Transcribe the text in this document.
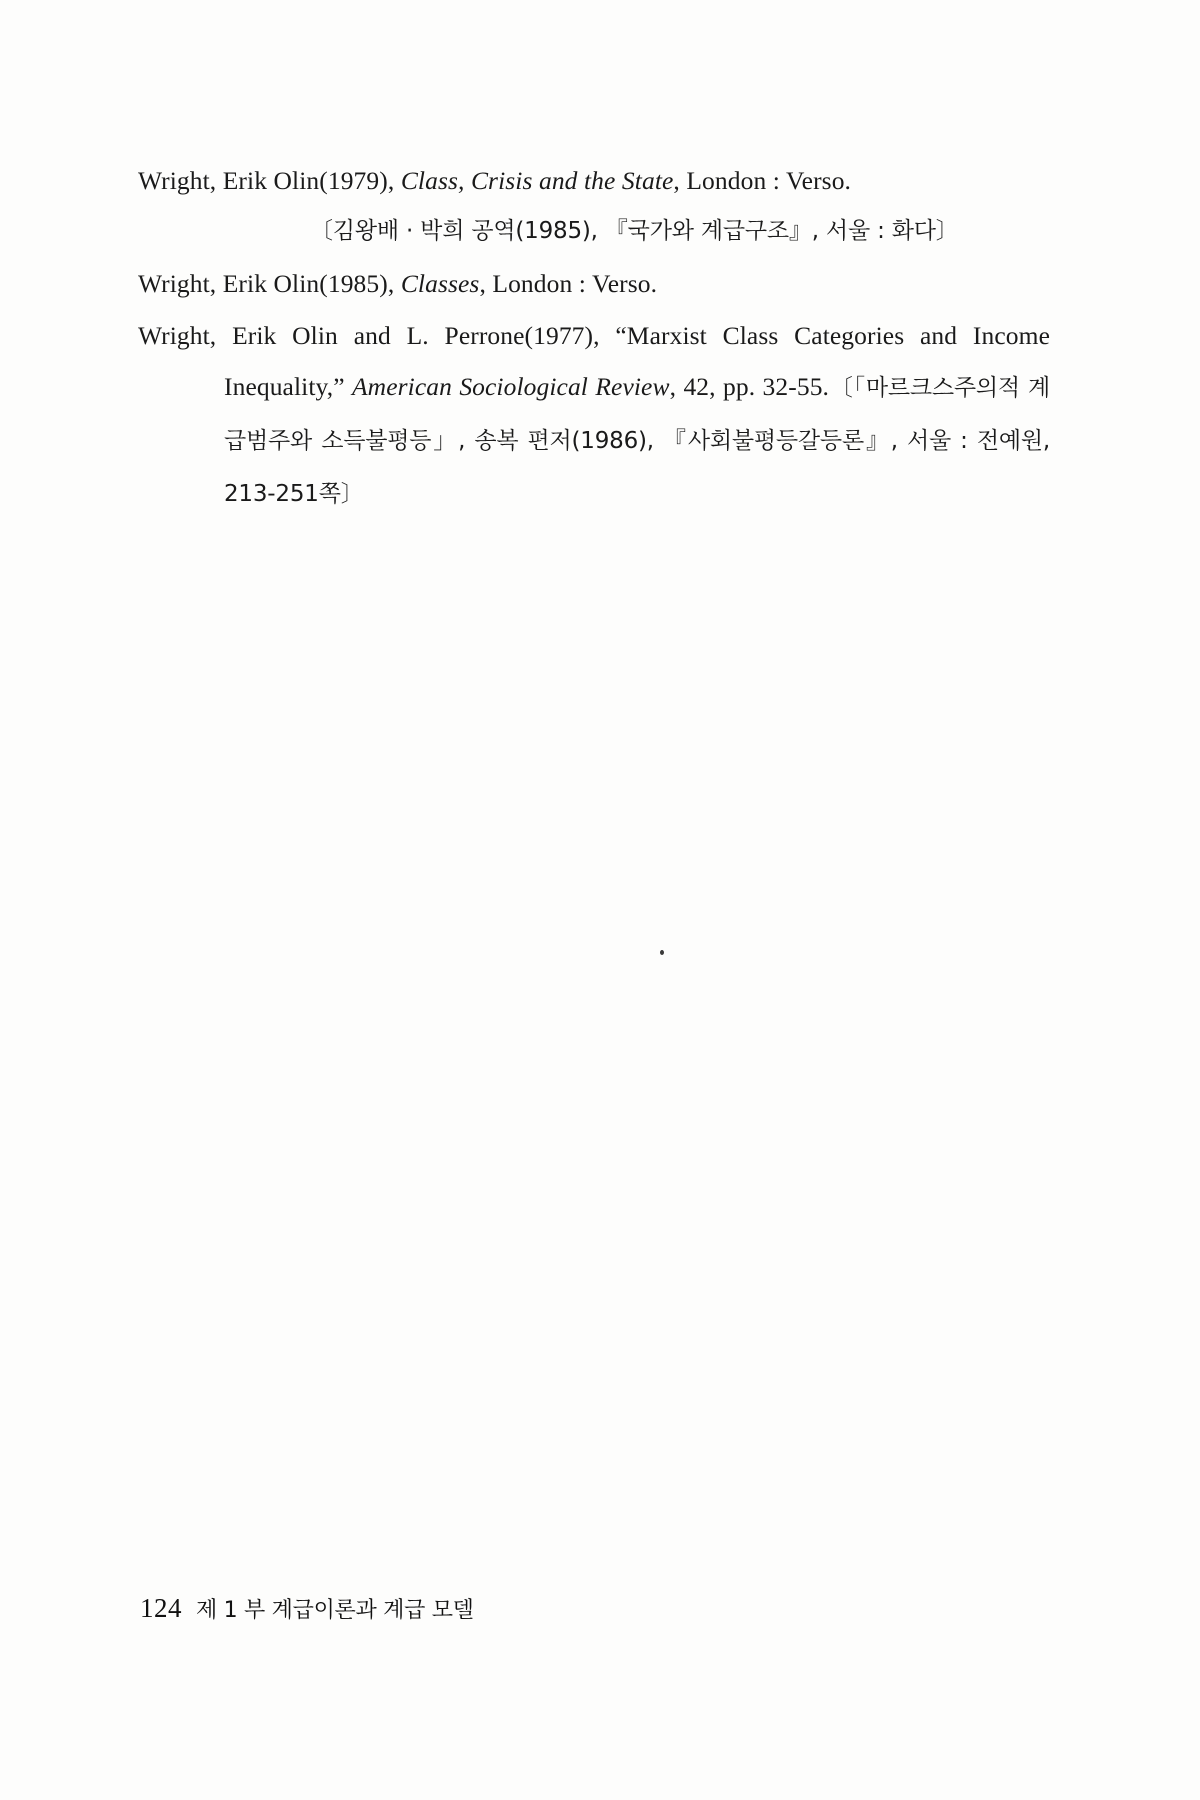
Wright, Erik Olin(1979), Class, Crisis and the State, London : Verso.
〔김왕배 · 박희 공역(1985), 『국가와 계급구조』, 서울 : 화다〕

Wright, Erik Olin(1985), Classes, London : Verso.

Wright, Erik Olin and L. Perrone(1977), “Marxist Class Categories and Income Inequality,” American Sociological Review, 42, pp. 32-55.〔「마르크스주의적 계급범주와 소득불평등」, 송복 편저(1986), 『사회불평등갈등론』, 서울 : 전예원, 213-251쪽〕

124 제 1 부 계급이론과 계급 모델
